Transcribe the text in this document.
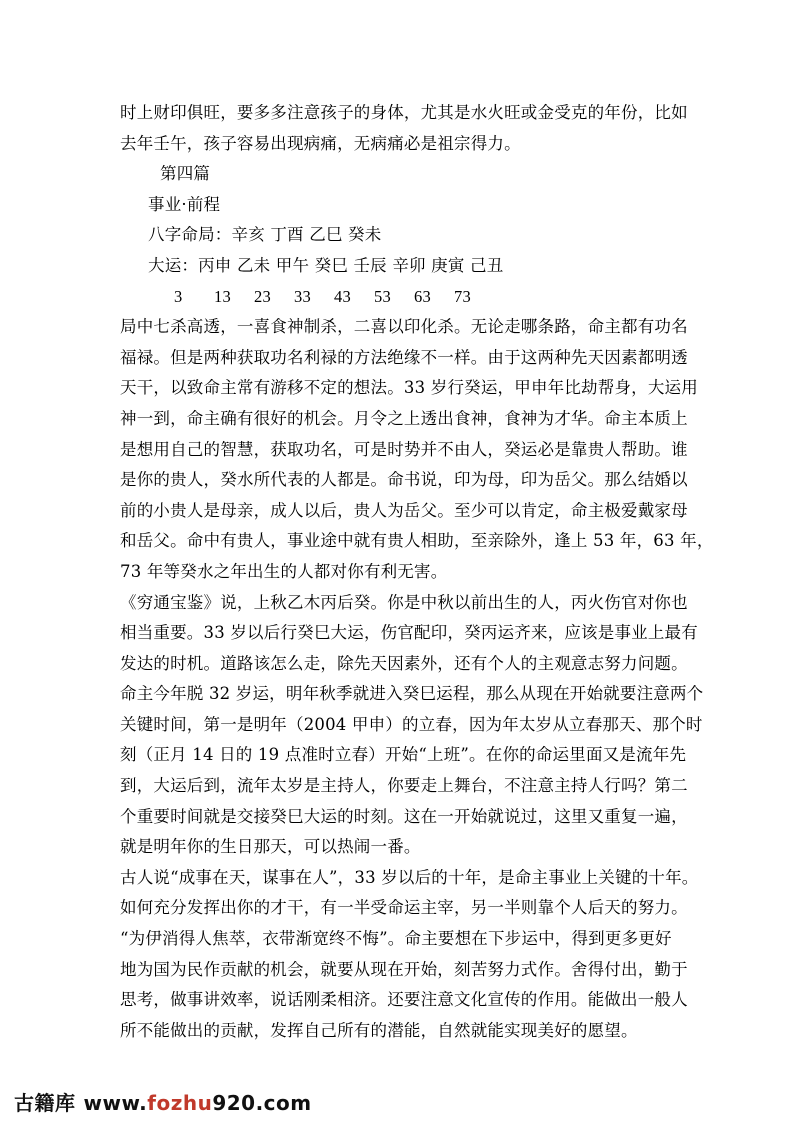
时上财印俱旺，要多多注意孩子的身体，尤其是水火旺或金受克的年份，比如
去年壬午，孩子容易出现病痛，无病痛必是祖宗得力。
第四篇
事业·前程
八字命局：辛亥 丁酉 乙巳 癸未
大运：丙申 乙未 甲午 癸巳 壬辰 辛卯 庚寅 己丑
3 13 23 33 43 53 63 73
局中七杀高透，一喜食神制杀，二喜以印化杀。无论走哪条路，命主都有功名
福禄。但是两种获取功名利禄的方法绝缘不一样。由于这两种先天因素都明透
天干，以致命主常有游移不定的想法。33 岁行癸运，甲申年比劫帮身，大运用
神一到，命主确有很好的机会。月令之上透出食神，食神为才华。命主本质上
是想用自己的智慧，获取功名，可是时势并不由人，癸运必是靠贵人帮助。谁
是你的贵人，癸水所代表的人都是。命书说，印为母，印为岳父。那么结婚以
前的小贵人是母亲，成人以后，贵人为岳父。至少可以肯定，命主极爱戴家母
和岳父。命中有贵人，事业途中就有贵人相助，至亲除外，逢上 53 年，63 年，
73 年等癸水之年出生的人都对你有利无害。
《穷通宝鉴》说，上秋乙木丙后癸。你是中秋以前出生的人，丙火伤官对你也
相当重要。33 岁以后行癸巳大运，伤官配印，癸丙运齐来，应该是事业上最有
发达的时机。道路该怎么走，除先天因素外，还有个人的主观意志努力问题。
命主今年脱 32 岁运，明年秋季就进入癸巳运程，那么从现在开始就要注意两个
关键时间，第一是明年（2004 甲申）的立春，因为年太岁从立春那天、那个时
刻（正月 14 日的 19 点准时立春）开始“上班”。在你的命运里面又是流年先
到，大运后到，流年太岁是主持人，你要走上舞台，不注意主持人行吗？第二
个重要时间就是交接癸巳大运的时刻。这在一开始就说过，这里又重复一遍，
就是明年你的生日那天，可以热闹一番。
古人说“成事在天，谋事在人”，33 岁以后的十年，是命主事业上关键的十年。
如何充分发挥出你的才干，有一半受命运主宰，另一半则靠个人后天的努力。
“为伊消得人焦萃，衣带渐宽终不悔”。命主要想在下步运中，得到更多更好
地为国为民作贡献的机会，就要从现在开始，刻苦努力式作。舍得付出，勤于
思考，做事讲效率，说话刚柔相济。还要注意文化宣传的作用。能做出一般人
所不能做出的贡献，发挥自己所有的潜能，自然就能实现美好的愿望。
古籍库 www.fozhu920.com
